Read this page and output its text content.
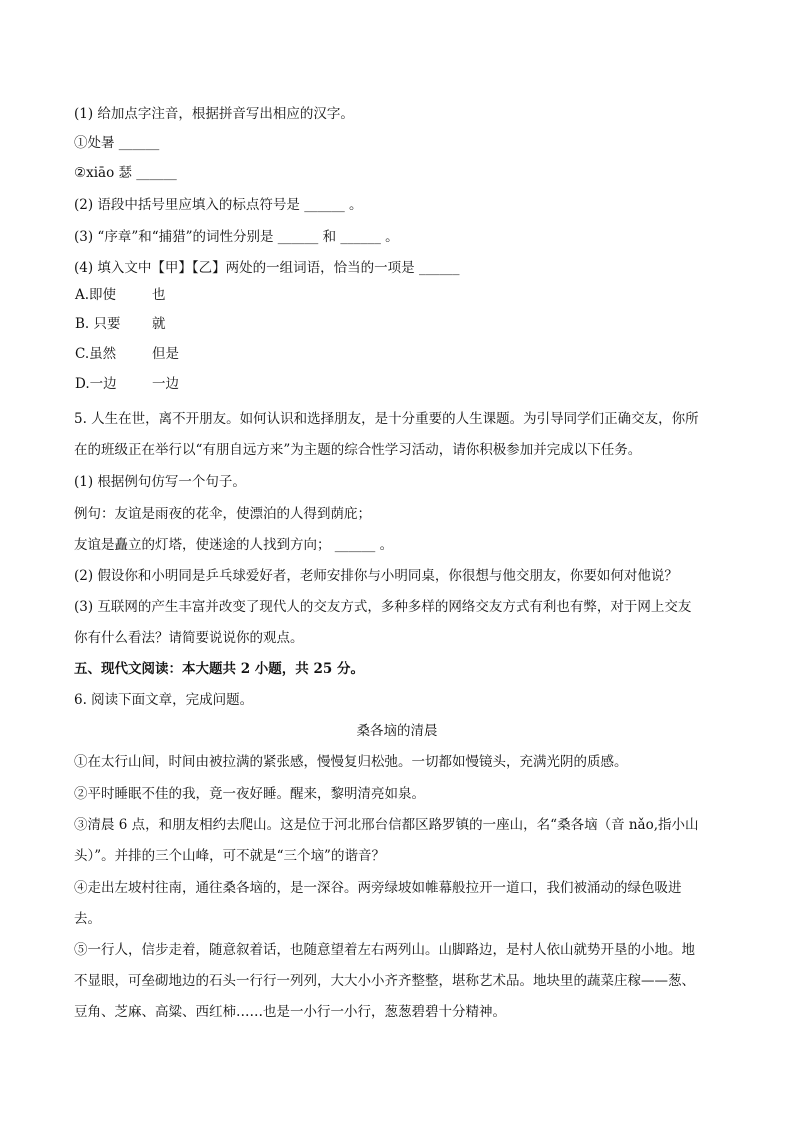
(1) 给加点字注音，根据拼音写出相应的汉字。
①处暑 ______
②xiāo 瑟 ______
(2) 语段中括号里应填入的标点符号是 ______ 。
(3) “序章”和“捕猎”的词性分别是 ______ 和 ______ 。
(4) 填入文中【甲】【乙】两处的一组词语，恰当的一项是 ______
A.即使	也
B. 只要 就
C.虽然	但是
D.一边	一边
5. 人生在世，离不开朋友。如何认识和选择朋友，是十分重要的人生课题。为引导同学们正确交友，你所
在的班级正在举行以“有朋自远方来”为主题的综合性学习活动，请你积极参加并完成以下任务。
(1) 根据例句仿写一个句子。
例句：友谊是雨夜的花伞，使漂泊的人得到荫庇；
友谊是矗立的灯塔，使迷途的人找到方向； ______ 。
(2) 假设你和小明同是乒乓球爱好者，老师安排你与小明同桌，你很想与他交朋友，你要如何对他说？
(3) 互联网的产生丰富并改变了现代人的交友方式，多种多样的网络交友方式有利也有弊，对于网上交友
你有什么看法？请简要说说你的观点。
五、现代文阅读：本大题共 2 小题，共 25 分。
6. 阅读下面文章，完成问题。
桑各垴的清晨
①在太行山间，时间由被拉满的紧张感，慢慢复归松弛。一切都如慢镜头，充满光阴的质感。
②平时睡眠不佳的我，竟一夜好睡。醒来，黎明清亮如泉。
③清晨 6 点，和朋友相约去爬山。这是位于河北邢台信都区路罗镇的一座山，名“桑各垴（音 nǎo,指小山
头）”。并排的三个山峰，可不就是“三个垴”的谐音？
④走出左坡村往南，通往桑各垴的，是一深谷。两旁绿坡如帷幕般拉开一道口，我们被涌动的绿色吸进
去。
⑤一行人，信步走着，随意叙着话，也随意望着左右两列山。山脚路边，是村人依山就势开垦的小地。地
不显眼，可垒砌地边的石头一行行一列列，大大小小齐齐整整，堪称艺术品。地块里的蔬菜庄稼——葱、
豆角、芝麻、高粱、西红柿……也是一小行一小行，葱葱碧碧十分精神。
